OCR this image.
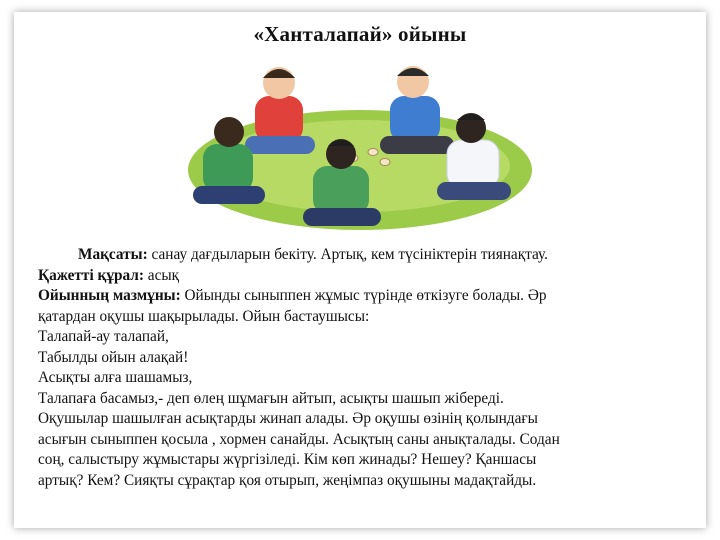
«Ханталапай» ойыны

Мақсаты: санау дағдыларын бекіту. Артық, кем түсініктерін тиянақтау.

Қажетті құрал: асық

Ойынның мазмұны: Ойынды сыныппен жұмыс түрінде өткізуге болады. Әр

қатардан оқушы шақырылады. Ойын бастаушысы:

Талапай-ау талапай,

Табылды ойын алақай!

Асықты алға шашамыз,

Талапаға басамыз,- деп өлең шұмағын айтып, асықты шашып жібереді.

Оқушылар шашылған асықтарды жинап алады. Әр оқушы өзінің қолындағы

асығын сыныппен қосыла , хормен санайды. Асықтың саны анықталады. Содан

соң, салыстыру жұмыстары жүргізіледі. Кім көп жинады? Нешеу? Қаншасы

артық? Кем? Сияқты сұрақтар қоя отырып, жеңімпаз оқушыны мадақтайды.
